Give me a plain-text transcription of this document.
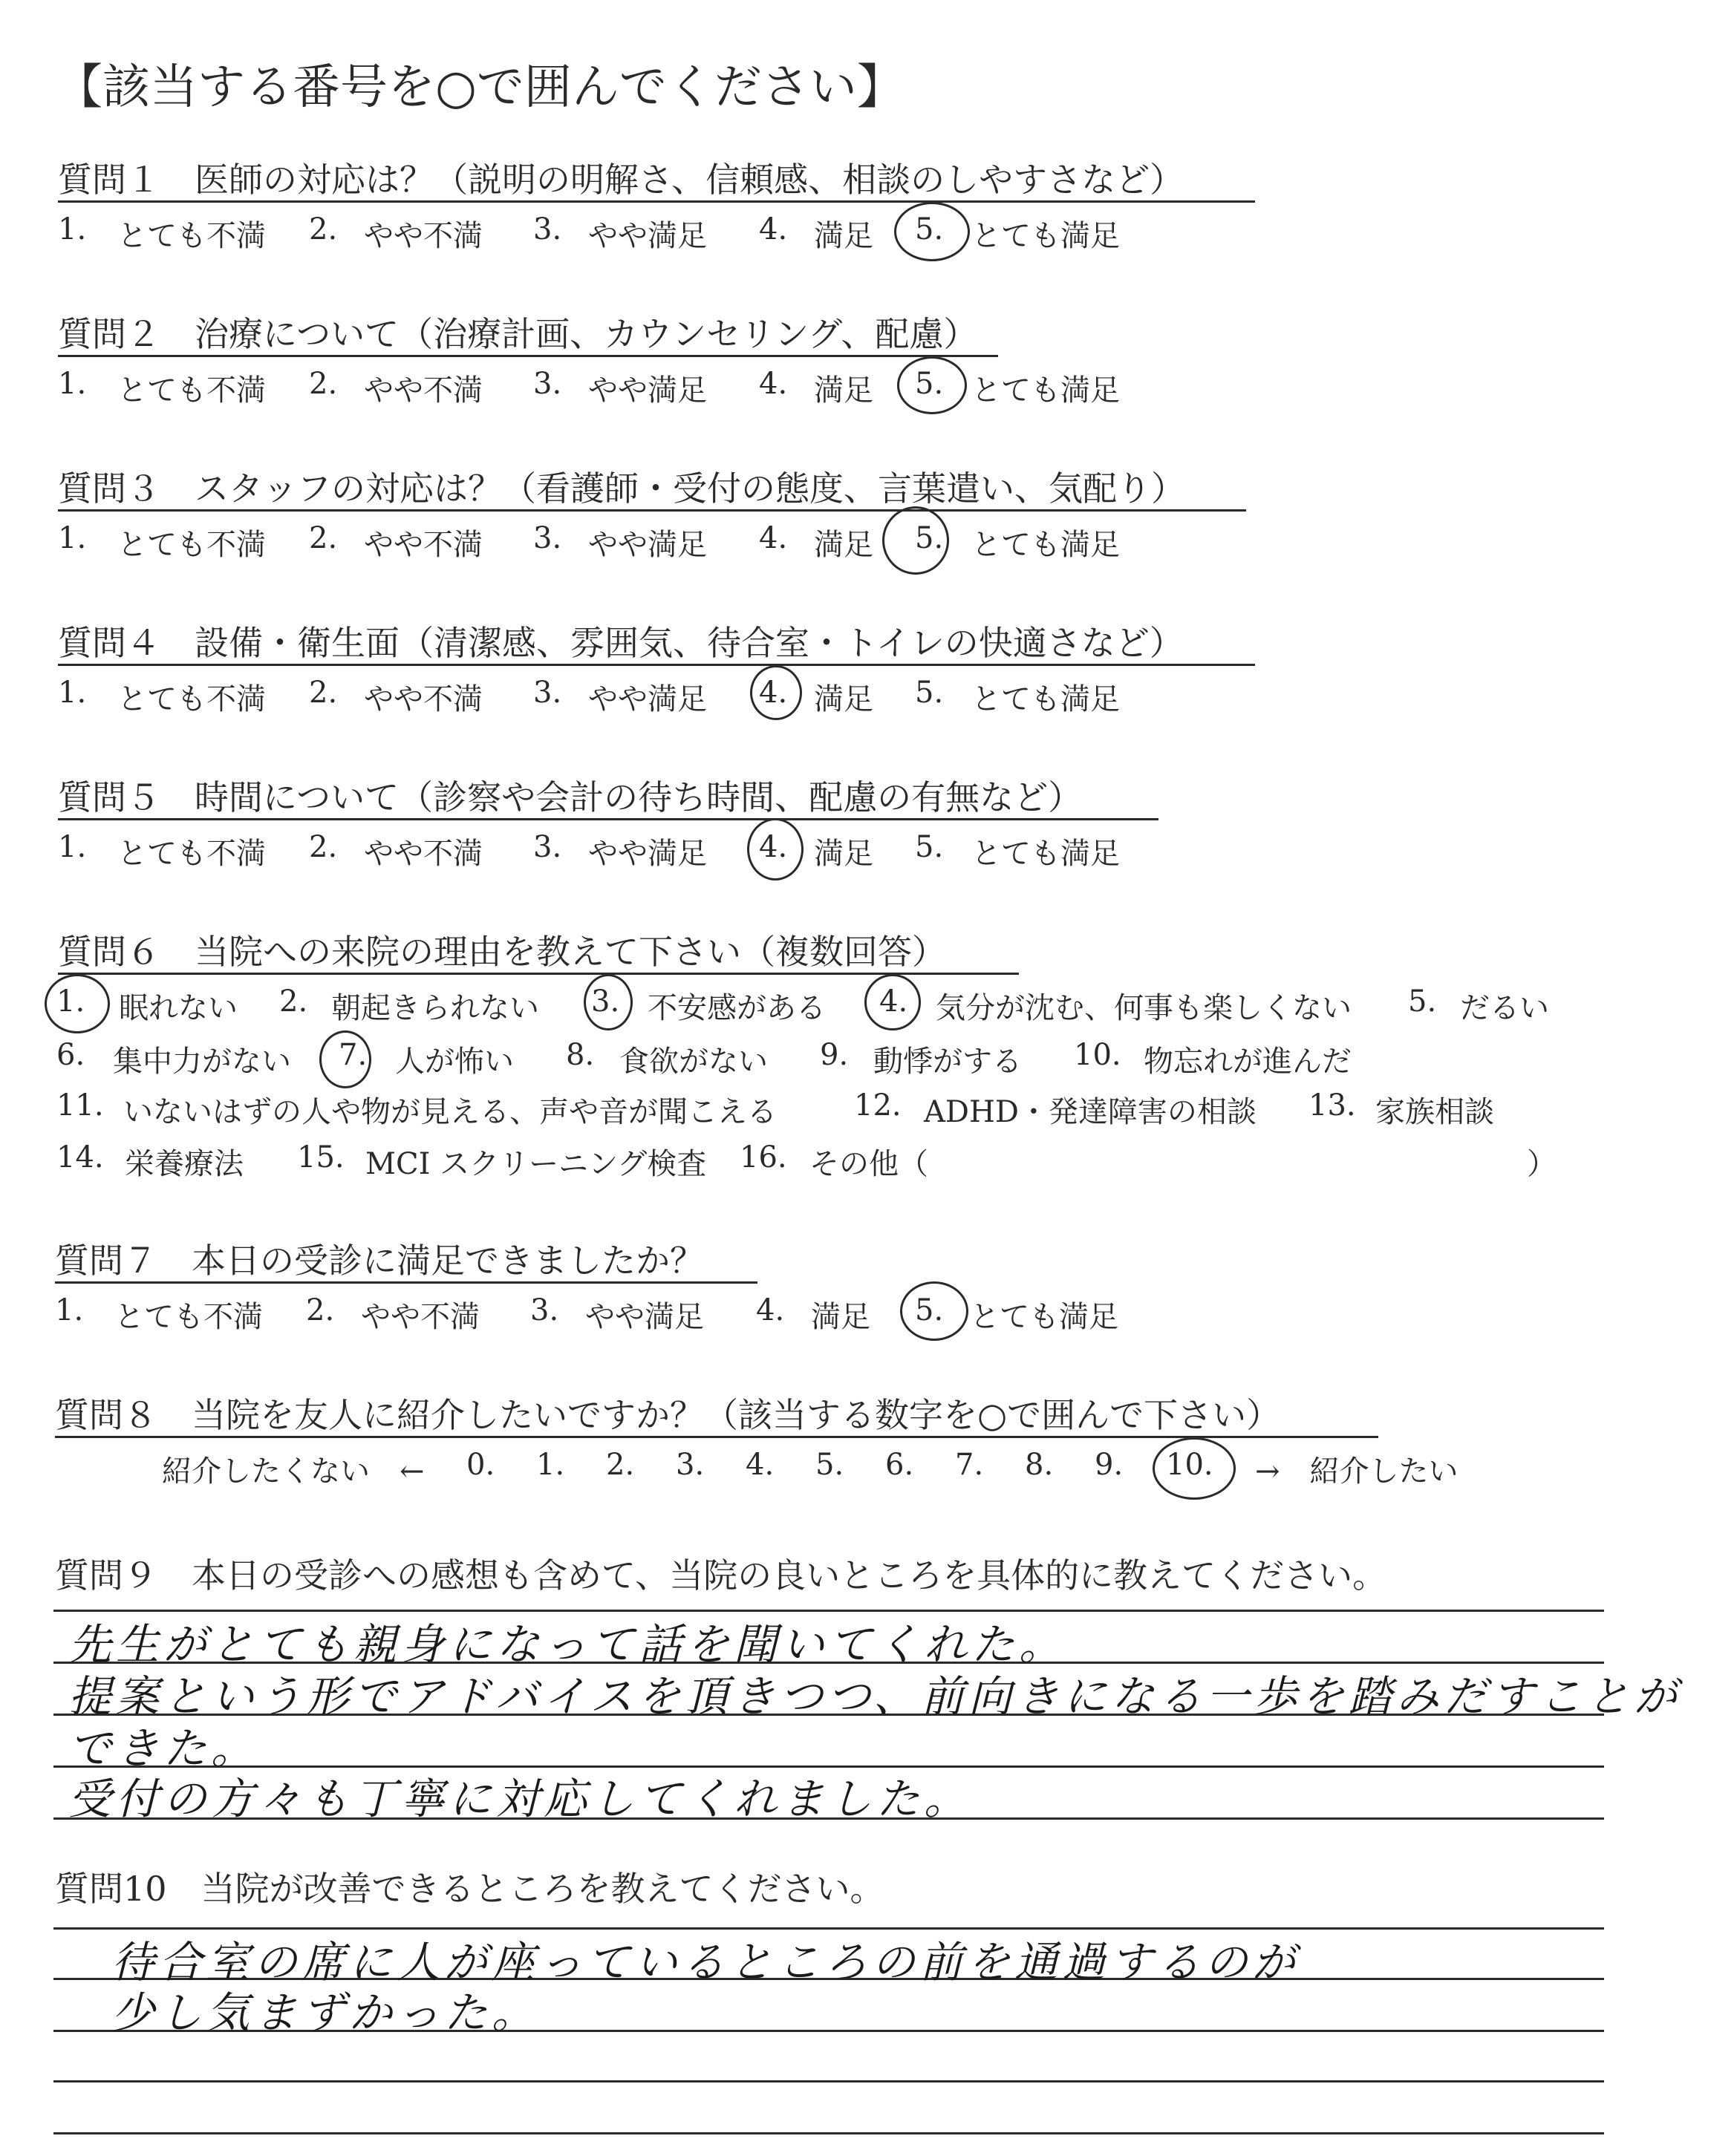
【該当する番号を○で囲んでください】
質問１　医師の対応は？（説明の明解さ、信頼感、相談のしやすさなど）
1. とても不満 2. やや不満 3. やや満足 4. 満足 5. とても満足
質問２　治療について（治療計画、カウンセリング、配慮）
1. とても不満 2. やや不満 3. やや満足 4. 満足 5. とても満足
質問３　スタッフの対応は？（看護師・受付の態度、言葉遣い、気配り）
1. とても不満 2. やや不満 3. やや満足 4. 満足 5. とても満足
質問４　設備・衛生面（清潔感、雰囲気、待合室・トイレの快適さなど）
1. とても不満 2. やや不満 3. やや満足 4. 満足 5. とても満足
質問５　時間について（診察や会計の待ち時間、配慮の有無など）
1. とても不満 2. やや不満 3. やや満足 4. 満足 5. とても満足
質問６　当院への来院の理由を教えて下さい（複数回答）
1. 眠れない 2. 朝起きられない 3. 不安感がある 4. 気分が沈む、何事も楽しくない 5. だるい
6. 集中力がない 7. 人が怖い 8. 食欲がない 9. 動悸がする 10. 物忘れが進んだ
11. いないはずの人や物が見える、声や音が聞こえる	12. ADHD・発達障害の相談 13. 家族相談
14. 栄養療法 15. MCI スクリーニング検査 16. その他（	）
質問７　本日の受診に満足できましたか？
1. とても不満 2. やや不満 3. やや満足 4. 満足 5. とても満足
質問８　当院を友人に紹介したいですか？（該当する数字を○で囲んで下さい）
紹介したくない　← 0. 1. 2. 3. 4. 5. 6. 7. 8. 9. 10. →　紹介したい
質問９　本日の受診への感想も含めて、当院の良いところを具体的に教えてください。
先生がとても親身になって話を聞いてくれた。
提案という形でアドバイスを頂きつつ、前向きになる一歩を踏みだすことが
できた。
受付の方々も丁寧に対応してくれました。
質問10　当院が改善できるところを教えてください。
待合室の席に人が座っているところの前を通過するのが
少し気まずかった。
